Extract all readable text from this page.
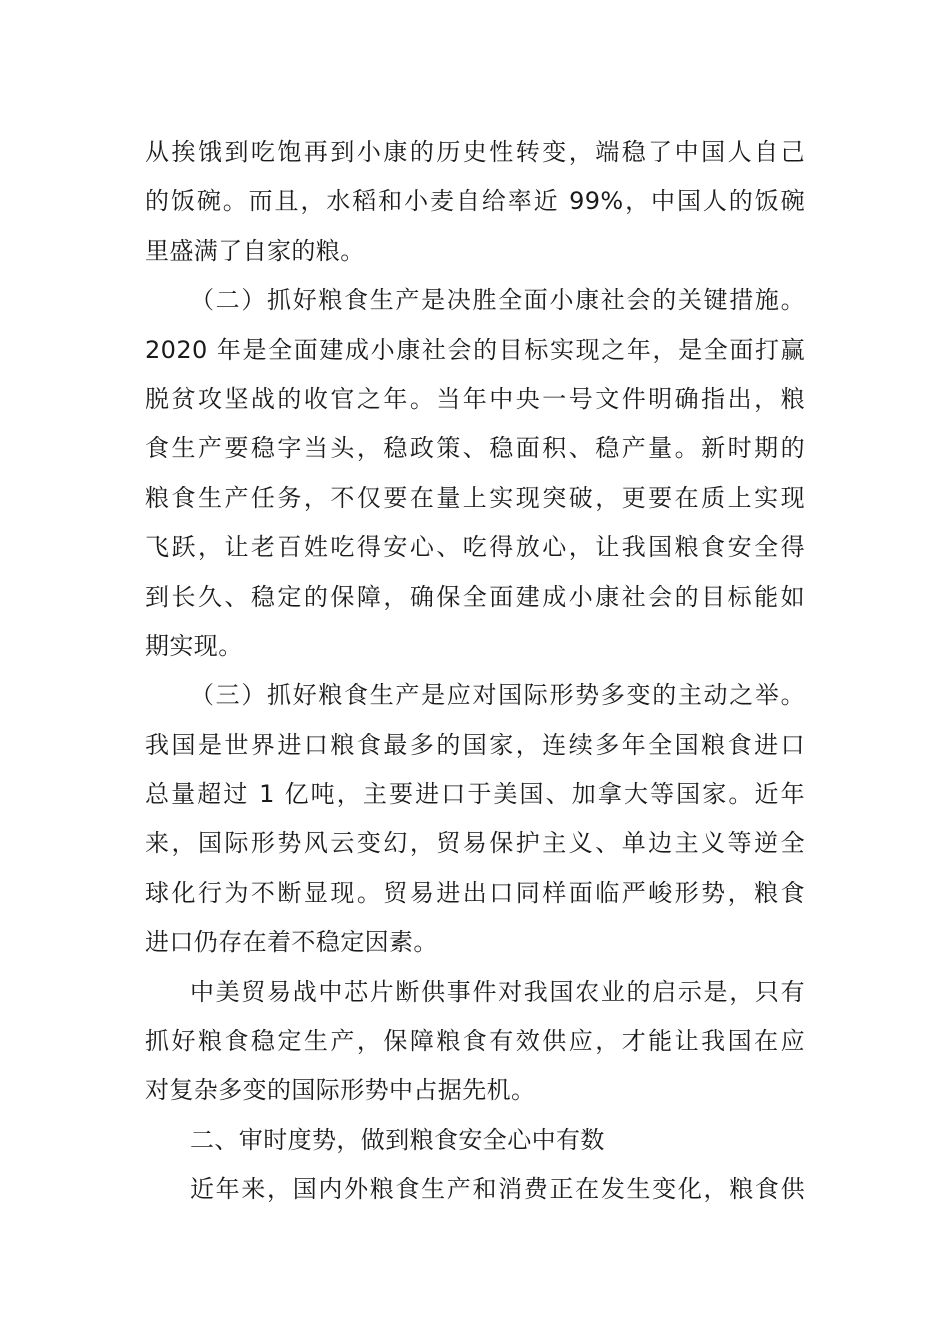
从挨饿到吃饱再到小康的历史性转变，端稳了中国人自己
的饭碗。而且，水稻和小麦自给率近 99%，中国人的饭碗
里盛满了自家的粮。
（二）抓好粮食生产是决胜全面小康社会的关键措施。
2020 年是全面建成小康社会的目标实现之年，是全面打赢
脱贫攻坚战的收官之年。当年中央一号文件明确指出，粮
食生产要稳字当头，稳政策、稳面积、稳产量。新时期的
粮食生产任务，不仅要在量上实现突破，更要在质上实现
飞跃，让老百姓吃得安心、吃得放心，让我国粮食安全得
到长久、稳定的保障，确保全面建成小康社会的目标能如
期实现。
（三）抓好粮食生产是应对国际形势多变的主动之举。
我国是世界进口粮食最多的国家，连续多年全国粮食进口
总量超过 1 亿吨，主要进口于美国、加拿大等国家。近年
来，国际形势风云变幻，贸易保护主义、单边主义等逆全
球化行为不断显现。贸易进出口同样面临严峻形势，粮食
进口仍存在着不稳定因素。
中美贸易战中芯片断供事件对我国农业的启示是，只有
抓好粮食稳定生产，保障粮食有效供应，才能让我国在应
对复杂多变的国际形势中占据先机。
二、审时度势，做到粮食安全心中有数
近年来，国内外粮食生产和消费正在发生变化，粮食供
